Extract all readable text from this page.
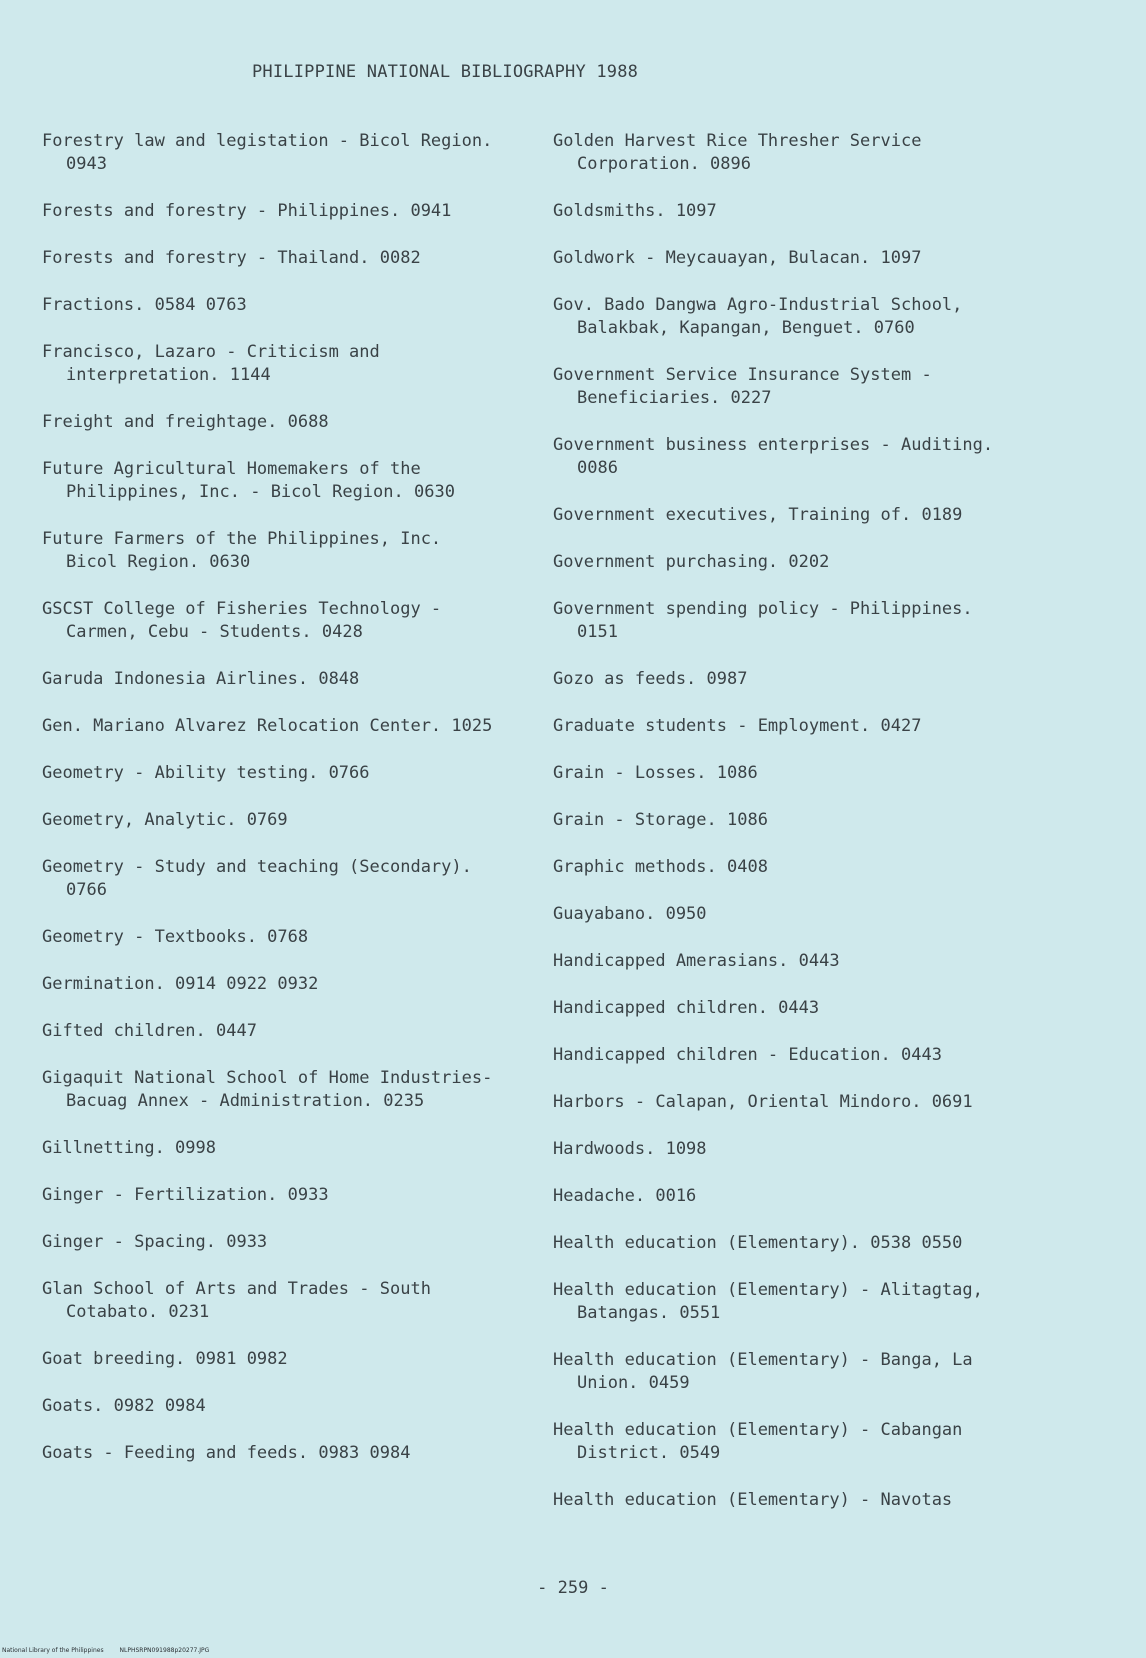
PHILIPPINE NATIONAL BIBLIOGRAPHY 1988
Forestry law and legistation - Bicol Region. 0943
Forests and forestry - Philippines. 0941
Forests and forestry - Thailand. 0082
Fractions. 0584 0763
Francisco, Lazaro - Criticism and interpretation. 1144
Freight and freightage. 0688
Future Agricultural Homemakers of the Philippines, Inc. - Bicol Region. 0630
Future Farmers of the Philippines, Inc. Bicol Region. 0630
GSCST College of Fisheries Technology - Carmen, Cebu - Students. 0428
Garuda Indonesia Airlines. 0848
Gen. Mariano Alvarez Relocation Center. 1025
Geometry - Ability testing. 0766
Geometry, Analytic. 0769
Geometry - Study and teaching (Secondary). 0766
Geometry - Textbooks. 0768
Germination. 0914 0922 0932
Gifted children. 0447
Gigaquit National School of Home Industries-Bacuag Annex - Administration. 0235
Gillnetting. 0998
Ginger - Fertilization. 0933
Ginger - Spacing. 0933
Glan School of Arts and Trades - South Cotabato. 0231
Goat breeding. 0981 0982
Goats. 0982 0984
Goats - Feeding and feeds. 0983 0984
Golden Harvest Rice Thresher Service Corporation. 0896
Goldsmiths. 1097
Goldwork - Meycauayan, Bulacan. 1097
Gov. Bado Dangwa Agro-Industrial School, Balakbak, Kapangan, Benguet. 0760
Government Service Insurance System - Beneficiaries. 0227
Government business enterprises - Auditing. 0086
Government executives, Training of. 0189
Government purchasing. 0202
Government spending policy - Philippines. 0151
Gozo as feeds. 0987
Graduate students - Employment. 0427
Grain - Losses. 1086
Grain - Storage. 1086
Graphic methods. 0408
Guayabano. 0950
Handicapped Amerasians. 0443
Handicapped children. 0443
Handicapped children - Education. 0443
Harbors - Calapan, Oriental Mindoro. 0691
Hardwoods. 1098
Headache. 0016
Health education (Elementary). 0538 0550
Health education (Elementary) - Alitagtag, Batangas. 0551
Health education (Elementary) - Banga, La Union. 0459
Health education (Elementary) - Cabangan District. 0549
Health education (Elementary) - Navotas
- 259 -
National Library of the Philippines	NLPHSRPN091988p20277.JPG
